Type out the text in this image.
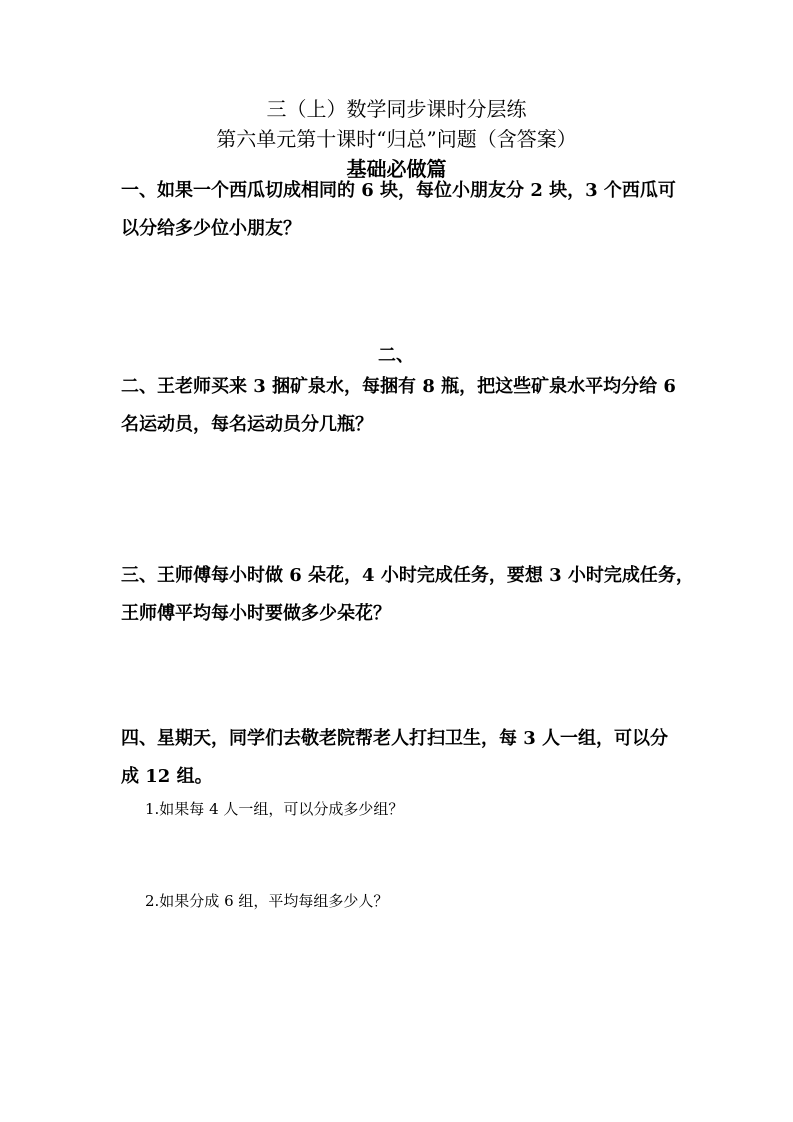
三（上）数学同步课时分层练
第六单元第十课时“归总”问题（含答案）
基础必做篇
一、如果一个西瓜切成相同的 6 块，每位小朋友分 2 块，3 个西瓜可
以分给多少位小朋友？
二、
二、王老师买来 3 捆矿泉水，每捆有 8 瓶，把这些矿泉水平均分给 6
名运动员，每名运动员分几瓶？
三、王师傅每小时做 6 朵花，4 小时完成任务，要想 3 小时完成任务，
王师傅平均每小时要做多少朵花？
四、星期天，同学们去敬老院帮老人打扫卫生，每 3 人一组，可以分
成 12 组。
1.如果每 4 人一组，可以分成多少组？
2.如果分成 6 组，平均每组多少人？
